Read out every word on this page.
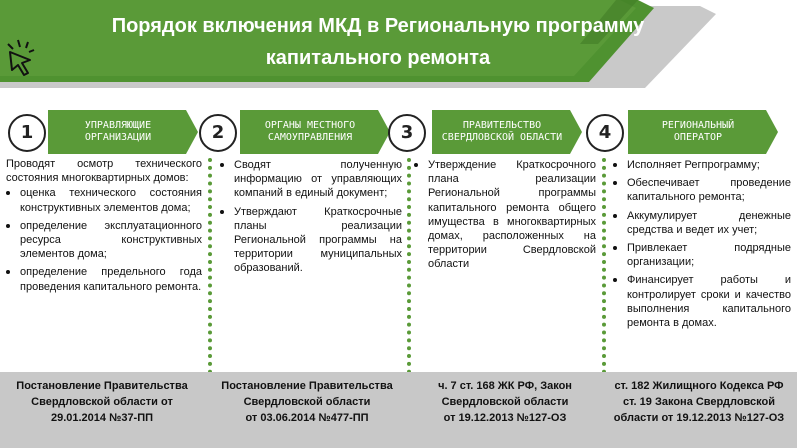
Порядок включения МКД в Региональную программу
капитального ремонта
1	УПРАВЛЯЮЩИЕ
ОРГАНИЗАЦИИ

Проводят осмотр технического состояния многоквартирных домов:

• оценка технического состояния конструктивных элементов дома;
• определение эксплуатационного ресурса конструктивных элементов дома;
• определение предельного года проведения капитального ремонта.
2	ОРГАНЫ МЕСТНОГО
САМОУПРАВЛЕНИЯ
• Сводят полученную информацию от управляющих компаний в единый документ;
• Утверждают Краткосрочные планы реализации Региональной программы на территории муниципальных образований.
3	ПРАВИТЕЛЬСТВО
СВЕРДЛОВСКОЙ ОБЛАСТИ
• Утверждение Краткосрочного плана реализации Региональной программы капитального ремонта общего имущества в многоквартирных домах, расположенных на территории Свердловской области
4	РЕГИОНАЛЬНЫЙ
ОПЕРАТОР
• Исполняет Регпрограмму;
• Обеспечивает проведение капитального ремонта;
• Аккумулирует денежные средства и ведет их учет;
• Привлекает подрядные организации;
• Финансирует работы и контролирует сроки и качество выполнения капитального ремонта в домах.
Постановление Правительства
Свердловской области от
29.01.2014 №37-ПП
Постановление Правительства
Свердловской области
от 03.06.2014 №477-ПП
ч. 7 ст. 168 ЖК РФ, Закон
Свердловской области
от 19.12.2013 №127-ОЗ
ст. 182 Жилищного Кодекса РФ
ст. 19 Закона Свердловской
области от 19.12.2013 №127-ОЗ
